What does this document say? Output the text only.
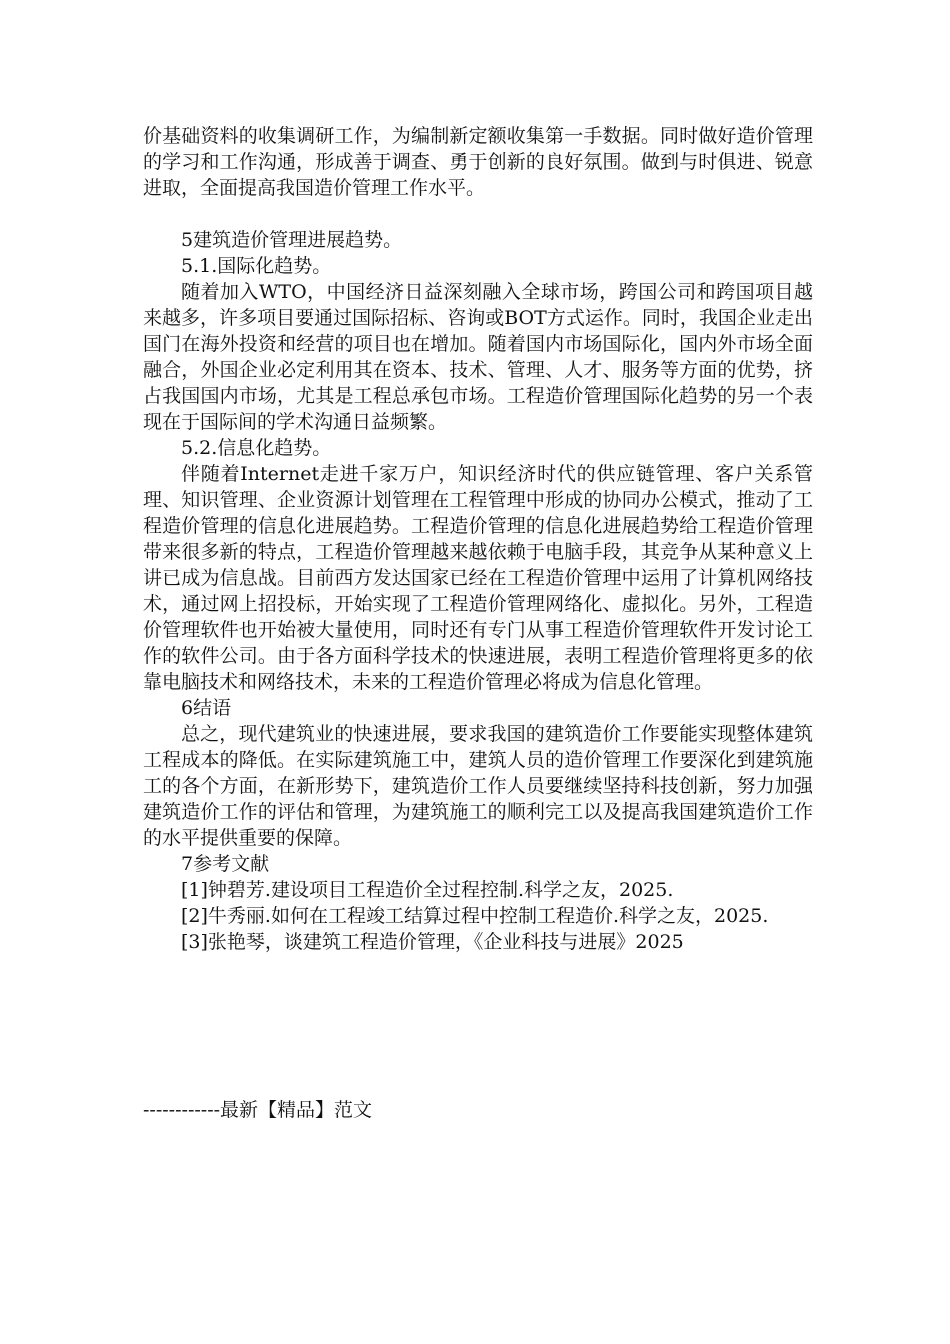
价基础资料的收集调研工作，为编制新定额收集第一手数据。同时做好造价管理的学习和工作沟通，形成善于调查、勇于创新的良好氛围。做到与时俱进、锐意进取，全面提高我国造价管理工作水平。

5建筑造价管理进展趋势。

5.1.国际化趋势。

随着加入WTO，中国经济日益深刻融入全球市场，跨国公司和跨国项目越来越多，许多项目要通过国际招标、咨询或BOT方式运作。同时，我国企业走出国门在海外投资和经营的项目也在增加。随着国内市场国际化，国内外市场全面融合，外国企业必定利用其在资本、技术、管理、人才、服务等方面的优势，挤占我国国内市场，尤其是工程总承包市场。工程造价管理国际化趋势的另一个表现在于国际间的学术沟通日益频繁。

5.2.信息化趋势。

伴随着Internet走进千家万户，知识经济时代的供应链管理、客户关系管理、知识管理、企业资源计划管理在工程管理中形成的协同办公模式，推动了工程造价管理的信息化进展趋势。工程造价管理的信息化进展趋势给工程造价管理带来很多新的特点，工程造价管理越来越依赖于电脑手段，其竞争从某种意义上讲已成为信息战。目前西方发达国家已经在工程造价管理中运用了计算机网络技术，通过网上招投标，开始实现了工程造价管理网络化、虚拟化。另外，工程造价管理软件也开始被大量使用，同时还有专门从事工程造价管理软件开发讨论工作的软件公司。由于各方面科学技术的快速进展，表明工程造价管理将更多的依靠电脑技术和网络技术，未来的工程造价管理必将成为信息化管理。

6结语

总之，现代建筑业的快速进展，要求我国的建筑造价工作要能实现整体建筑工程成本的降低。在实际建筑施工中，建筑人员的造价管理工作要深化到建筑施工的各个方面，在新形势下，建筑造价工作人员要继续坚持科技创新，努力加强建筑造价工作的评估和管理，为建筑施工的顺利完工以及提高我国建筑造价工作的水平提供重要的保障。

7参考文献

[1]钟碧芳.建设项目工程造价全过程控制.科学之友，2025.

[2]牛秀丽.如何在工程竣工结算过程中控制工程造价.科学之友，2025.

[3]张艳琴，谈建筑工程造价管理，《企业科技与进展》2025

------------最新【精品】范文
